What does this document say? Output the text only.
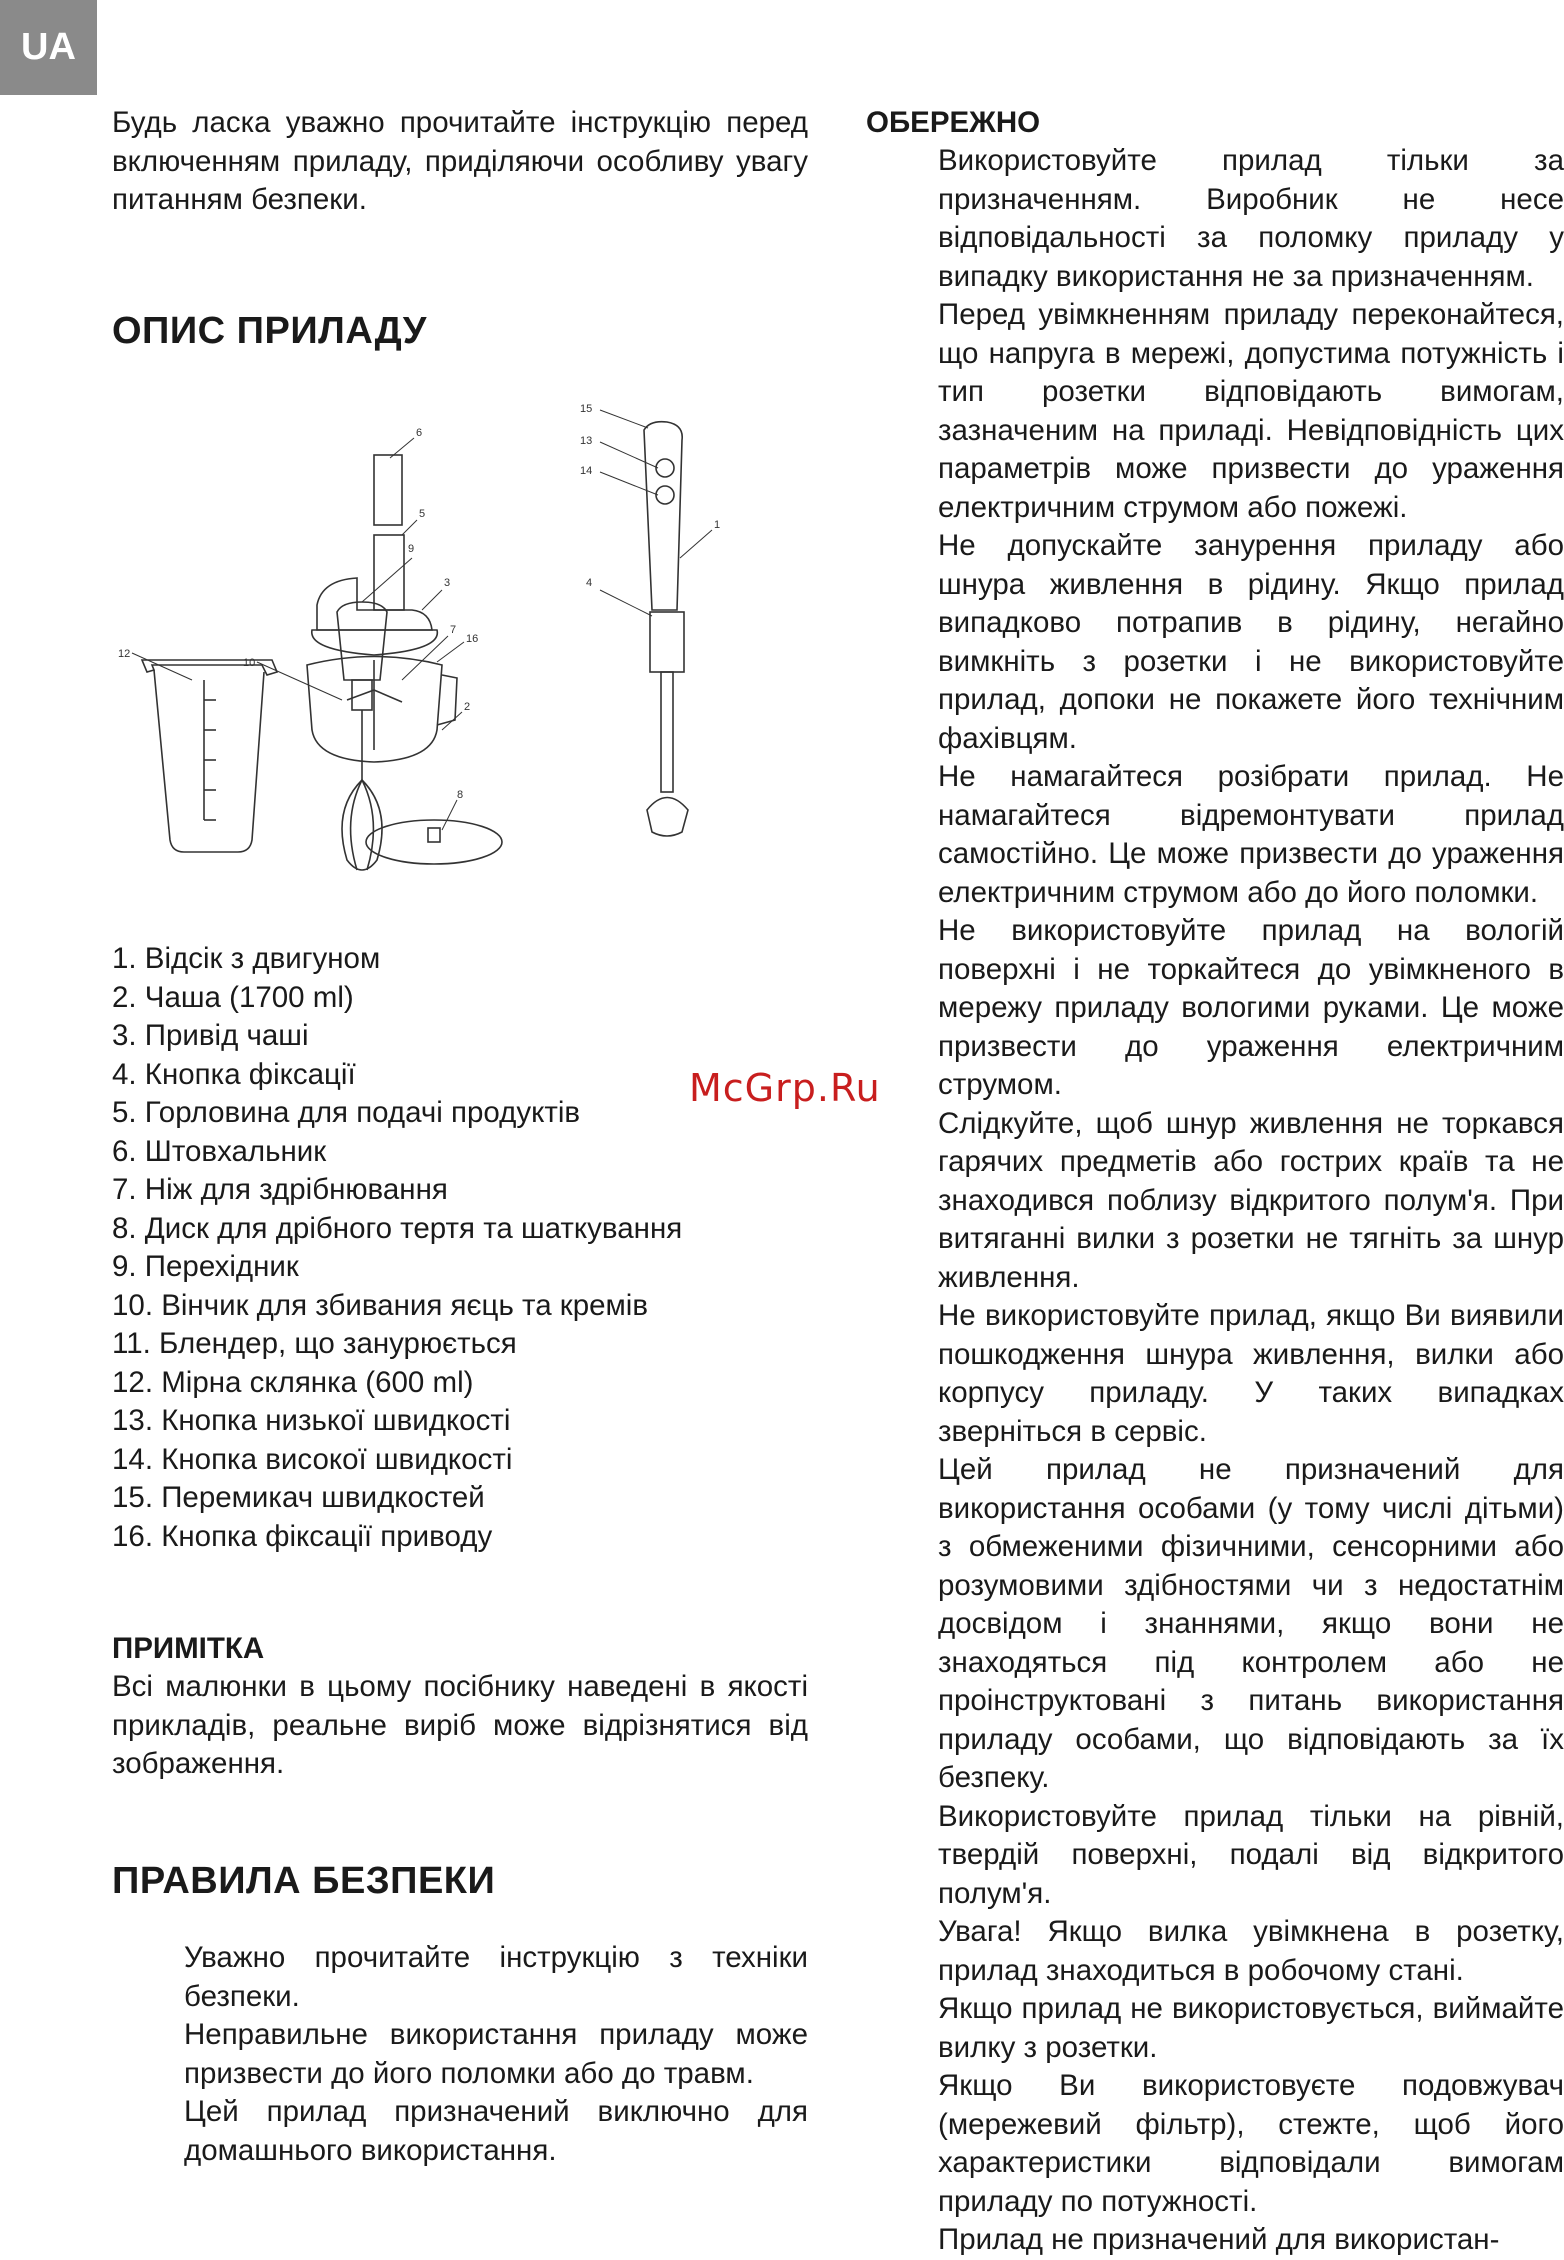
UA

Будь ласка уважно прочитайте інструкцію перед включенням приладу, приділяючи особливу увагу питанням безпеки.

ОПИС ПРИЛАДУ
12
10
9
6
5
3
7
16
2
8
15
13
14
4
1
1. Відсік з двигуном
2. Чаша (1700 ml)
3. Привід чаші
4. Кнопка фіксації
5. Горловина для подачі продуктів
6. Штовхальник
7. Ніж для здрібнювання
8. Диск для дрібного тертя та шаткування
9. Перехідник
10. Вінчик для збивания яєць та кремів
11. Блендер, що занурюється
12. Мірна склянка (600 ml)
13. Кнопка низької швидкості
14. Кнопка високої швидкості
15. Перемикач швидкостей
16. Кнопка фіксації приводу
ПРИМІТКА

Всі малюнки в цьому посібнику наведені в якості прикладів, реальне виріб може відрізнятися від зображення.

ПРАВИЛА БЕЗПЕКИ

Уважно прочитайте інструкцію з техніки безпеки.

Неправильне використання приладу може призвести до його поломки або до травм.

Цей прилад призначений виключно для домашнього використання.

ОБЕРЕЖНО

Використовуйте прилад тільки за призначенням. Виробник не несе відповідальності за поломку приладу у випадку використання не за призначенням.

Перед увімкненням приладу переконайтеся, що напруга в мережі, допустима потужність і тип розетки відповідають вимогам, зазначеним на приладі. Невідповідність цих параметрів може призвести до ураження електричним струмом або пожежі.

Не допускайте занурення приладу або шнура живлення в рідину. Якщо прилад випадково потрапив в рідину, негайно вимкніть з розетки і не використовуйте прилад, допоки не покажете його технічним фахівцям.

Не намагайтеся розібрати прилад. Не намагайтеся відремонтувати прилад самостійно. Це може призвести до ураження електричним струмом або до його поломки.

Не використовуйте прилад на вологій поверхні і не торкайтеся до увімкненого в мережу приладу вологими руками. Це може призвести до ураження електричним струмом.

Слідкуйте, щоб шнур живлення не торкався гарячих предметів або гострих країв та не знаходився поблизу відкритого полум'я. При витяганні вилки з розетки не тягніть за шнур живлення.

Не використовуйте прилад, якщо Ви виявили пошкодження шнура живлення, вилки або корпусу приладу. У таких випадках зверніться в сервіс.

Цей прилад не призначений для використання особами (у тому числі дітьми) з обмеженими фізичними, сенсорними або розумовими здібностями чи з недостатнім досвідом і знаннями, якщо вони не знаходяться під контролем або не проінструктовані з питань використання приладу особами, що відповідають за їх безпеку.

Використовуйте прилад тільки на рівній, твердій поверхні, подалі від відкритого полум'я.

Увага! Якщо вилка увімкнена в розетку, прилад знаходиться в робочому стані.

Якщо прилад не використовується, виймайте вилку з розетки.

Якщо Ви використовуєте подовжувач (мережевий фільтр), стежте, щоб його характеристики відповідали вимогам приладу по потужності.

Прилад не призначений для використан-

McGrp.Ru
